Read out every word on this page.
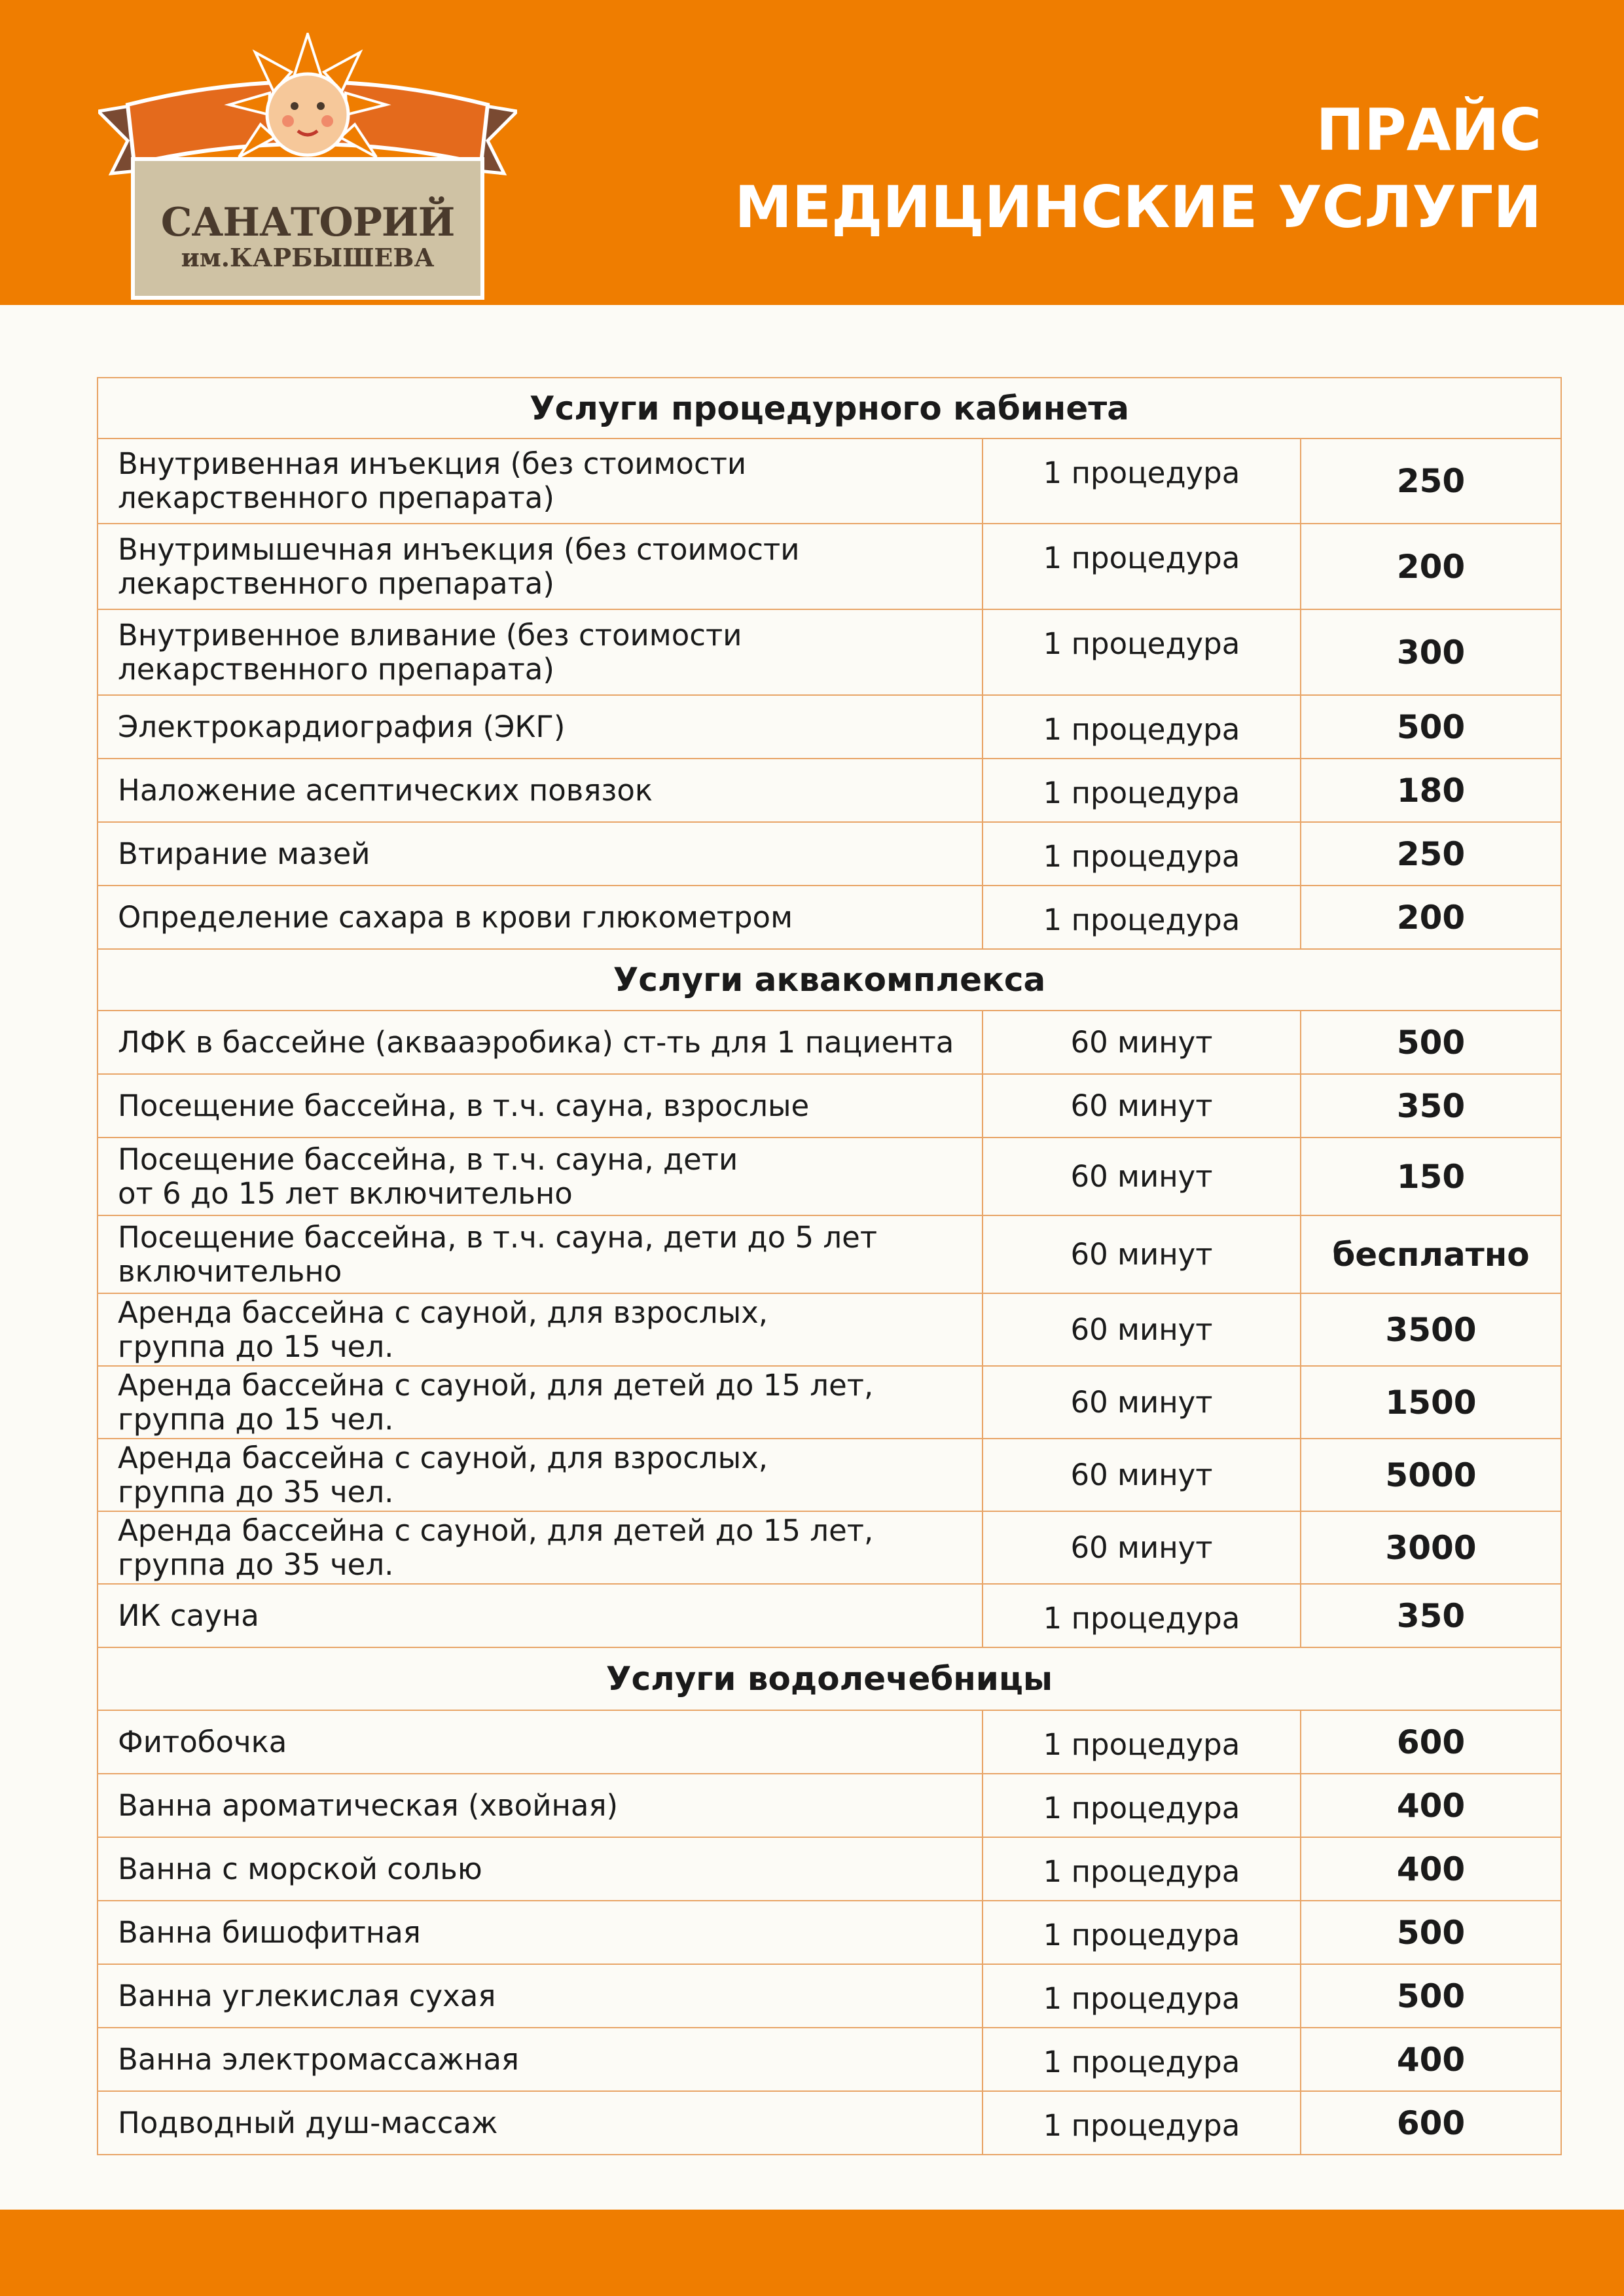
САНАТОРИЙ
им.КАРБЫШЕВА
ПРАЙС
МЕДИЦИНСКИЕ УСЛУГИ
Услуги процедурного кабинета		

Внутривенная инъекция (без стоимости
лекарственного препарата)	1 процедура	250

Внутримышечная инъекция (без стоимости
лекарственного препарата)	1 процедура	200

Внутривенное вливание (без стоимости
лекарственного препарата)	1 процедура	300

Электрокардиография (ЭКГ)	1 процедура	500

Наложение асептических повязок	1 процедура	180

Втирание мазей	1 процедура	250

Определение сахара в крови глюкометром	1 процедура	200
Услуги аквакомплекса		

ЛФК в бассейне (аквааэробика) ст-ть для 1 пациента	60 минут	500

Посещение бассейна, в т.ч. сауна, взрослые	60 минут	350

Посещение бассейна, в т.ч. сауна, дети
от 6 до 15 лет включительно	60 минут	150

Посещение бассейна, в т.ч. сауна, дети до 5 лет
включительно	60 минут	бесплатно

Аренда бассейна с сауной, для взрослых,
группа до 15 чел.	60 минут	3500

Аренда бассейна с сауной, для детей до 15 лет,
группа до 15 чел.	60 минут	1500

Аренда бассейна с сауной, для взрослых,
группа до 35 чел.	60 минут	5000

Аренда бассейна с сауной, для детей до 15 лет,
группа до 35 чел.	60 минут	3000

ИК сауна	1 процедура	350
Услуги водолечебницы		

Фитобочка	1 процедура	600

Ванна ароматическая (хвойная)	1 процедура	400

Ванна с морской солью	1 процедура	400

Ванна бишофитная	1 процедура	500

Ванна углекислая сухая	1 процедура	500

Ванна электромассажная	1 процедура	400

Подводный душ-массаж	1 процедура	600
